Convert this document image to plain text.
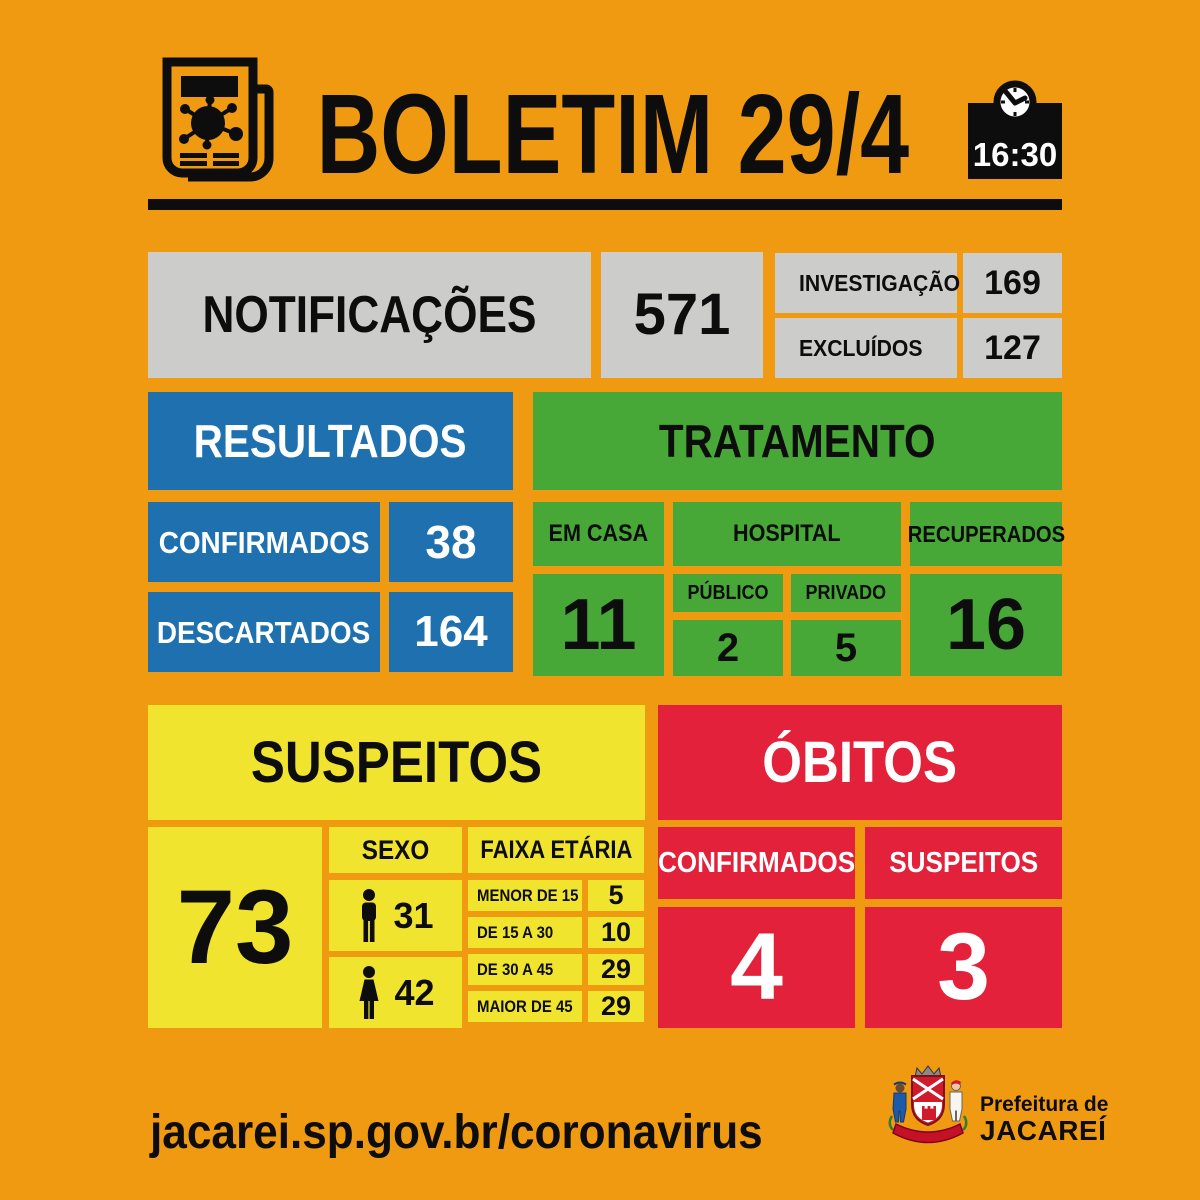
BOLETIM 29/4 16:30
NOTIFICAÇÕES 571	INVESTIGAÇÃO 169
EXCLUÍDOS 127
RESULTADOS
CONFIRMADOS 38
DESCARTADOS 164
TRATAMENTO
EM CASA
11
HOSPITAL
PÚBLICO
2
PRIVADO
5
RECUPERADOS
16
SUSPEITOS
73
SEXO
31
42
FAIXA ETÁRIA
MENOR DE 15 5
DE 15 A 30 10
DE 30 A 45 29
MAIOR DE 45 29
ÓBITOS
CONFIRMADOS SUSPEITOS
4 3
jacarei.sp.gov.br/coronavirus
Prefeitura de
JACAREÍ
